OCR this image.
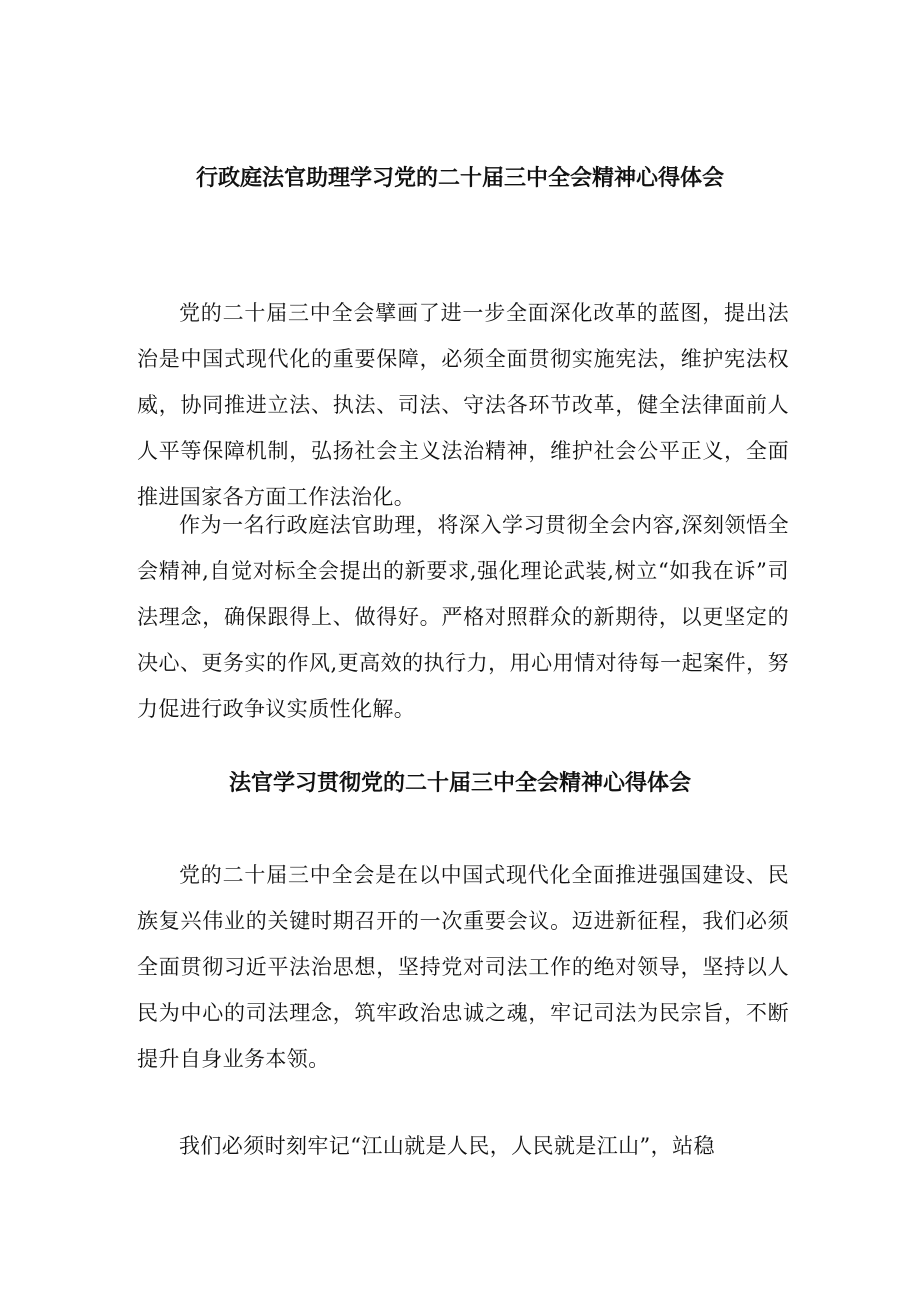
行政庭法官助理学习党的二十届三中全会精神心得体会

党的二十届三中全会擘画了进一步全面深化改革的蓝图，提出法治是中国式现代化的重要保障，必须全面贯彻实施宪法，维护宪法权威，协同推进立法、执法、司法、守法各环节改革，健全法律面前人人平等保障机制，弘扬社会主义法治精神，维护社会公平正义，全面推进国家各方面工作法治化。

作为一名行政庭法官助理，将深入学习贯彻全会内容,深刻领悟全会精神,自觉对标全会提出的新要求,强化理论武装,树立“如我在诉”司法理念，确保跟得上、做得好。严格对照群众的新期待，以更坚定的决心、更务实的作风,更高效的执行力，用心用情对待每一起案件，努力促进行政争议实质性化解。

法官学习贯彻党的二十届三中全会精神心得体会

党的二十届三中全会是在以中国式现代化全面推进强国建设、民族复兴伟业的关键时期召开的一次重要会议。迈进新征程，我们必须全面贯彻习近平法治思想，坚持党对司法工作的绝对领导，坚持以人民为中心的司法理念，筑牢政治忠诚之魂，牢记司法为民宗旨，不断提升自身业务本领。

我们必须时刻牢记“江山就是人民，人民就是江山”，站稳
